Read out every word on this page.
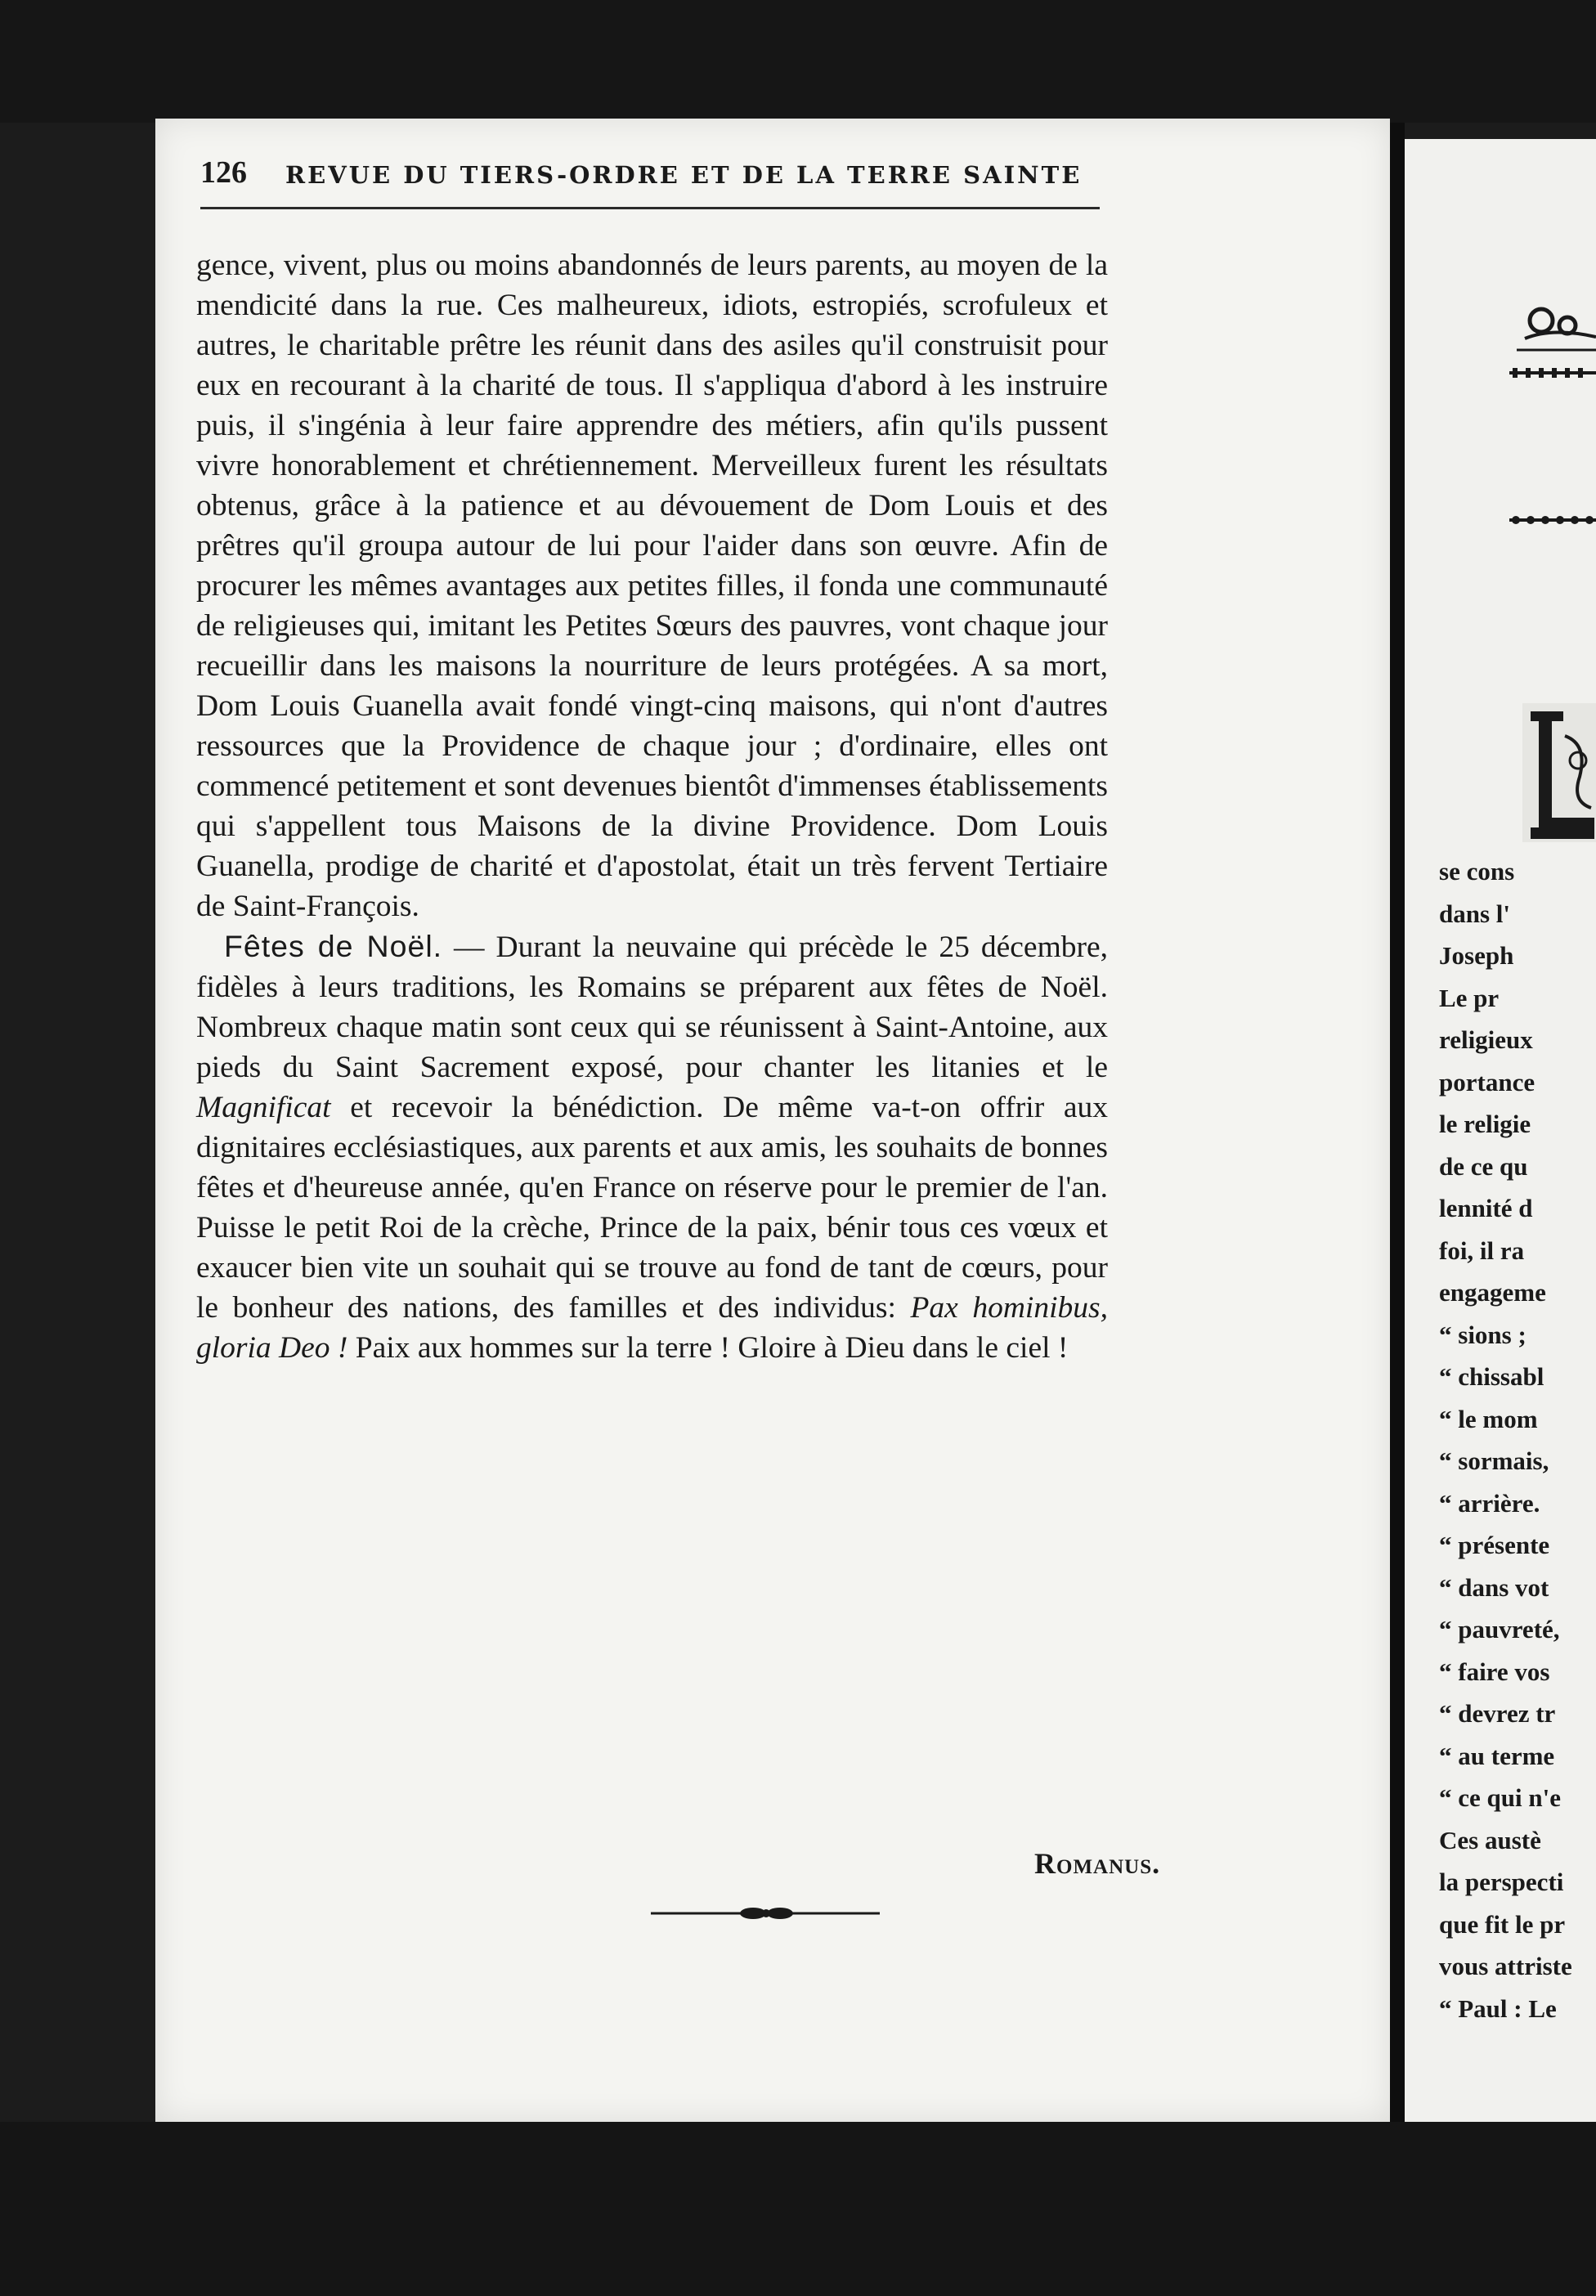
126 REVUE DU TIERS-ORDRE ET DE LA TERRE SAINTE

gence, vivent, plus ou moins abandonnés de leurs parents, au moyen de la mendicité dans la rue. Ces malheureux, idiots, estropiés, scrofuleux et autres, le charitable prêtre les réunit dans des asiles qu'il construisit pour eux en recourant à la charité de tous. Il s'appliqua d'abord à les instruire puis, il s'ingénia à leur faire apprendre des métiers, afin qu'ils pussent vivre honorablement et chrétiennement. Merveilleux furent les résultats obtenus, grâce à la patience et au dévouement de Dom Louis et des prêtres qu'il groupa autour de lui pour l'aider dans son œuvre. Afin de procurer les mêmes avantages aux petites filles, il fonda une communauté de religieuses qui, imitant les Petites Sœurs des pauvres, vont chaque jour recueillir dans les maisons la nourriture de leurs protégées. A sa mort, Dom Louis Guanella avait fondé vingt-cinq maisons, qui n'ont d'autres ressources que la Providence de chaque jour ; d'ordinaire, elles ont commencé petitement et sont devenues bientôt d'immenses établissements qui s'appellent tous Maisons de la divine Providence. Dom Louis Guanella, prodige de charité et d'apostolat, était un très fervent Tertiaire de Saint-François.

Fêtes de Noël. — Durant la neuvaine qui précède le 25 décembre, fidèles à leurs traditions, les Romains se préparent aux fêtes de Noël. Nombreux chaque matin sont ceux qui se réunissent à Saint-Antoine, aux pieds du Saint Sacrement exposé, pour chanter les litanies et le Magnificat et recevoir la bénédiction. De même va-t-on offrir aux dignitaires ecclésiastiques, aux parents et aux amis, les souhaits de bonnes fêtes et d'heureuse année, qu'en France on réserve pour le premier de l'an. Puisse le petit Roi de la crèche, Prince de la paix, bénir tous ces vœux et exaucer bien vite un souhait qui se trouve au fond de tant de cœurs, pour le bonheur des nations, des familles et des individus: Pax hominibus, gloria Deo ! Paix aux hommes sur la terre ! Gloire à Dieu dans le ciel !

Romanus.
se cons
dans l'
Joseph
Le pr
religieux
portance
le religie
de ce qu
lennité d
foi, il ra
engageme
“ sions ;
“ chissabl
“ le mom
“ sormais,
“ arrière.
“ présente
“ dans vot
“ pauvreté,
“ faire vos
“ devrez tr
“ au terme
“ ce qui n'e
Ces austè
la perspecti
que fit le pr
vous attriste
“ Paul : Le
